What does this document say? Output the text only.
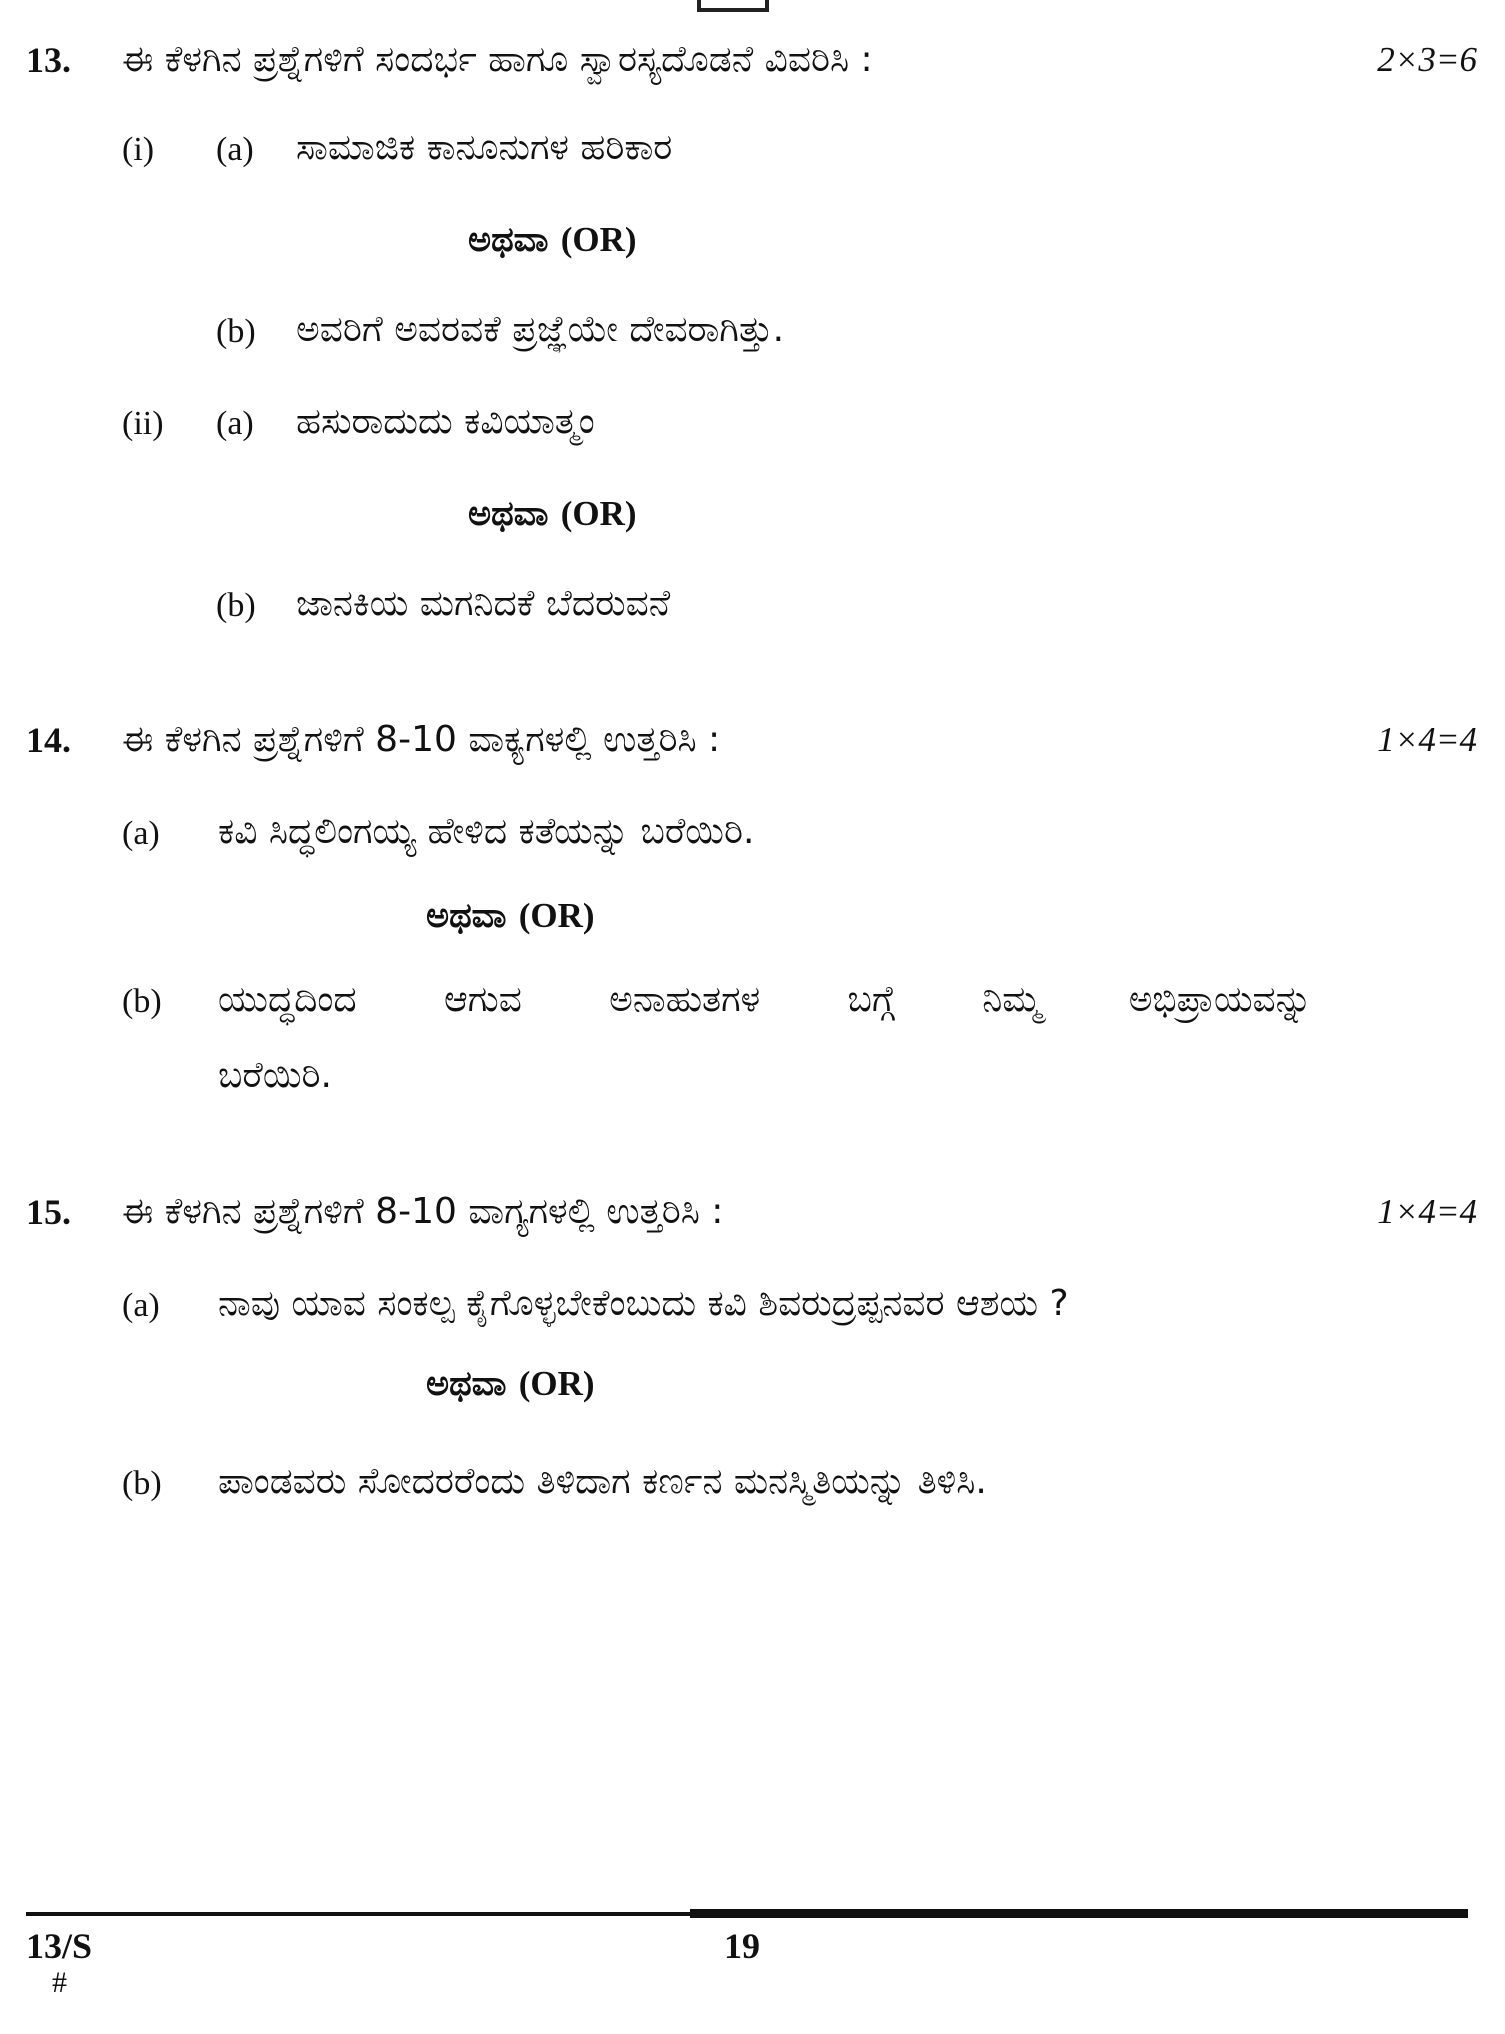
13. ಈ ಕೆಳಗಿನ ಪ್ರಶ್ನೆಗಳಿಗೆ ಸಂದರ್ಭ ಹಾಗೂ ಸ್ವಾರಸ್ಯದೊಡನೆ ವಿವರಿಸಿ :	2×3=6
(i) (a) ಸಾಮಾಜಿಕ ಕಾನೂನುಗಳ ಹರಿಕಾರ
ಅಥವಾ (OR)
(b) ಅವರಿಗೆ ಅವರವಕೆ ಪ್ರಜ್ಞೆಯೇ ದೇವರಾಗಿತ್ತು.
(ii) (a) ಹಸುರಾದುದು ಕವಿಯಾತ್ಮಂ
ಅಥವಾ (OR)
(b) ಜಾನಕಿಯ ಮಗನಿದಕೆ ಬೆದರುವನೆ
14. ಈ ಕೆಳಗಿನ ಪ್ರಶ್ನೆಗಳಿಗೆ 8-10 ವಾಕ್ಯಗಳಲ್ಲಿ ಉತ್ತರಿಸಿ :	1×4=4
(a) ಕವಿ ಸಿದ್ಧಲಿಂಗಯ್ಯ ಹೇಳಿದ ಕತೆಯನ್ನು ಬರೆಯಿರಿ.
ಅಥವಾ (OR)
(b) ಯುದ್ಧದಿಂದ ಆಗುವ ಅನಾಹುತಗಳ ಬಗ್ಗೆ ನಿಮ್ಮ ಅಭಿಪ್ರಾಯವನ್ನು
ಬರೆಯಿರಿ.
15. ಈ ಕೆಳಗಿನ ಪ್ರಶ್ನೆಗಳಿಗೆ 8-10 ವಾಗ್ಯಗಳಲ್ಲಿ ಉತ್ತರಿಸಿ :	1×4=4
(a) ನಾವು ಯಾವ ಸಂಕಲ್ಪ ಕೈಗೊಳ್ಳಬೇಕೆಂಬುದು ಕವಿ ಶಿವರುದ್ರಪ್ಪನವರ ಆಶಯ ?
ಅಥವಾ (OR)
(b) ಪಾಂಡವರು ಸೋದರರೆಂದು ತಿಳಿದಾಗ ಕರ್ಣನ ಮನಸ್ಮಿತಿಯನ್ನು ತಿಳಿಸಿ.
13/S	19
#
